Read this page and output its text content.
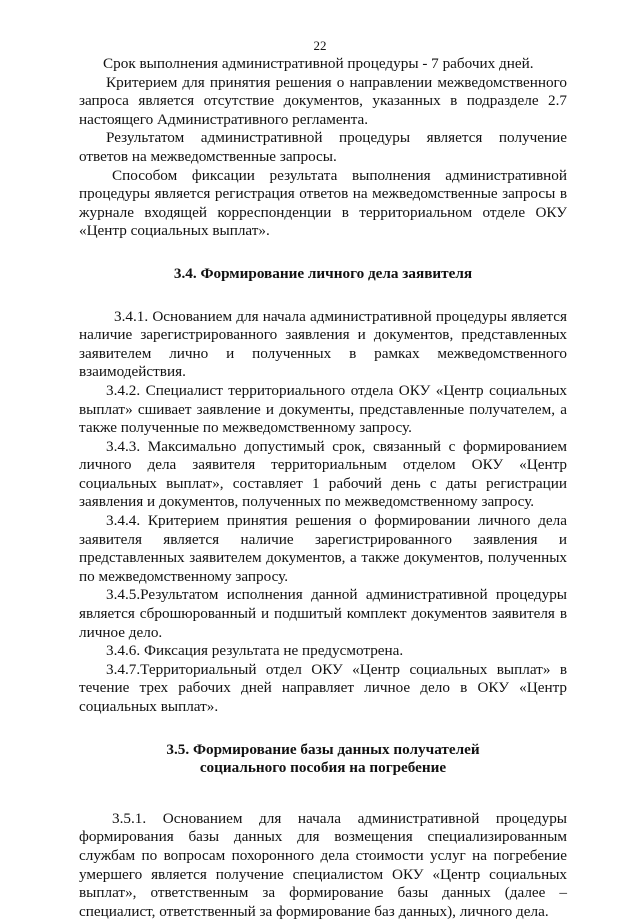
22

Срок выполнения административной процедуры - 7 рабочих дней.

Критерием для принятия решения о направлении межведомственного запроса является отсутствие документов, указанных в подразделе 2.7 настоящего Административного регламента.

Результатом административной процедуры является получение ответов на межведомственные запросы.

Способом фиксации результата выполнения административной процедуры является регистрация ответов на межведомственные запросы в журнале входящей корреспонденции в территориальном отделе ОКУ «Центр социальных выплат».

3.4. Формирование личного дела заявителя

3.4.1. Основанием для начала административной процедуры является наличие зарегистрированного заявления и документов, представленных заявителем лично и полученных в рамках межведомственного взаимодействия.

3.4.2. Специалист территориального отдела ОКУ «Центр социальных выплат» сшивает заявление и документы, представленные получателем, а также полученные по межведомственному запросу.

3.4.3. Максимально допустимый срок, связанный с формированием личного дела заявителя территориальным отделом ОКУ «Центр социальных выплат», составляет 1 рабочий день с даты регистрации заявления и документов, полученных по межведомственному запросу.

3.4.4. Критерием принятия решения о формировании личного дела заявителя является наличие зарегистрированного заявления и представленных заявителем документов, а также документов, полученных по межведомственному запросу.

3.4.5.Результатом исполнения данной административной процедуры является сброшюрованный и подшитый комплект документов заявителя в личное дело.

3.4.6. Фиксация результата не предусмотрена.

3.4.7.Территориальный отдел ОКУ «Центр социальных выплат» в течение трех рабочих дней направляет личное дело в ОКУ «Центр социальных выплат».

3.5. Формирование базы данных получателей
социального пособия на погребение

3.5.1. Основанием для начала административной процедуры формирования базы данных для возмещения специализированным службам по вопросам похоронного дела стоимости услуг на погребение умершего является получение специалистом ОКУ «Центр социальных выплат», ответственным за формирование базы данных (далее – специалист, ответственный за формирование баз данных), личного дела.
